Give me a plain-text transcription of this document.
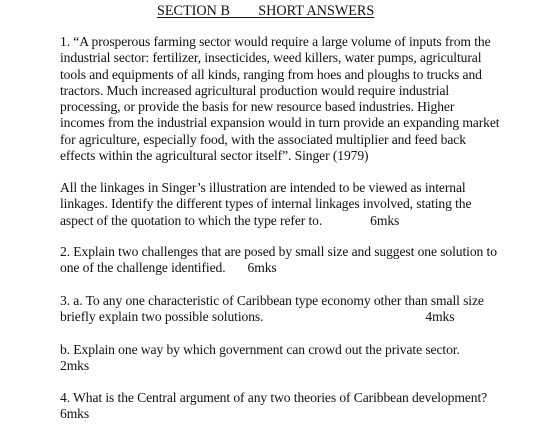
SECTION B        SHORT ANSWERS
1. “A prosperous farming sector would require a large volume of inputs from the
industrial sector: fertilizer, insecticides, weed killers, water pumps, agricultural
tools and equipments of all kinds, ranging from hoes and ploughs to trucks and
tractors. Much increased agricultural production would require industrial
processing, or provide the basis for new resource based industries. Higher
incomes from the industrial expansion would in turn provide an expanding market
for agriculture, especially food, with the associated multiplier and feed back
effects within the agricultural sector itself”. Singer (1979)
All the linkages in Singer’s illustration are intended to be viewed as internal
linkages. Identify the different types of internal linkages involved, stating the
aspect of the quotation to which the type refer to.	6mks
2. Explain two challenges that are posed by small size and suggest one solution to
one of the challenge identified. 6mks
3. a. To any one characteristic of Caribbean type economy other than small size
briefly explain two possible solutions.	4mks
b. Explain one way by which government can crowd out the private sector.
2mks
4. What is the Central argument of any two theories of Caribbean development?
6mks
